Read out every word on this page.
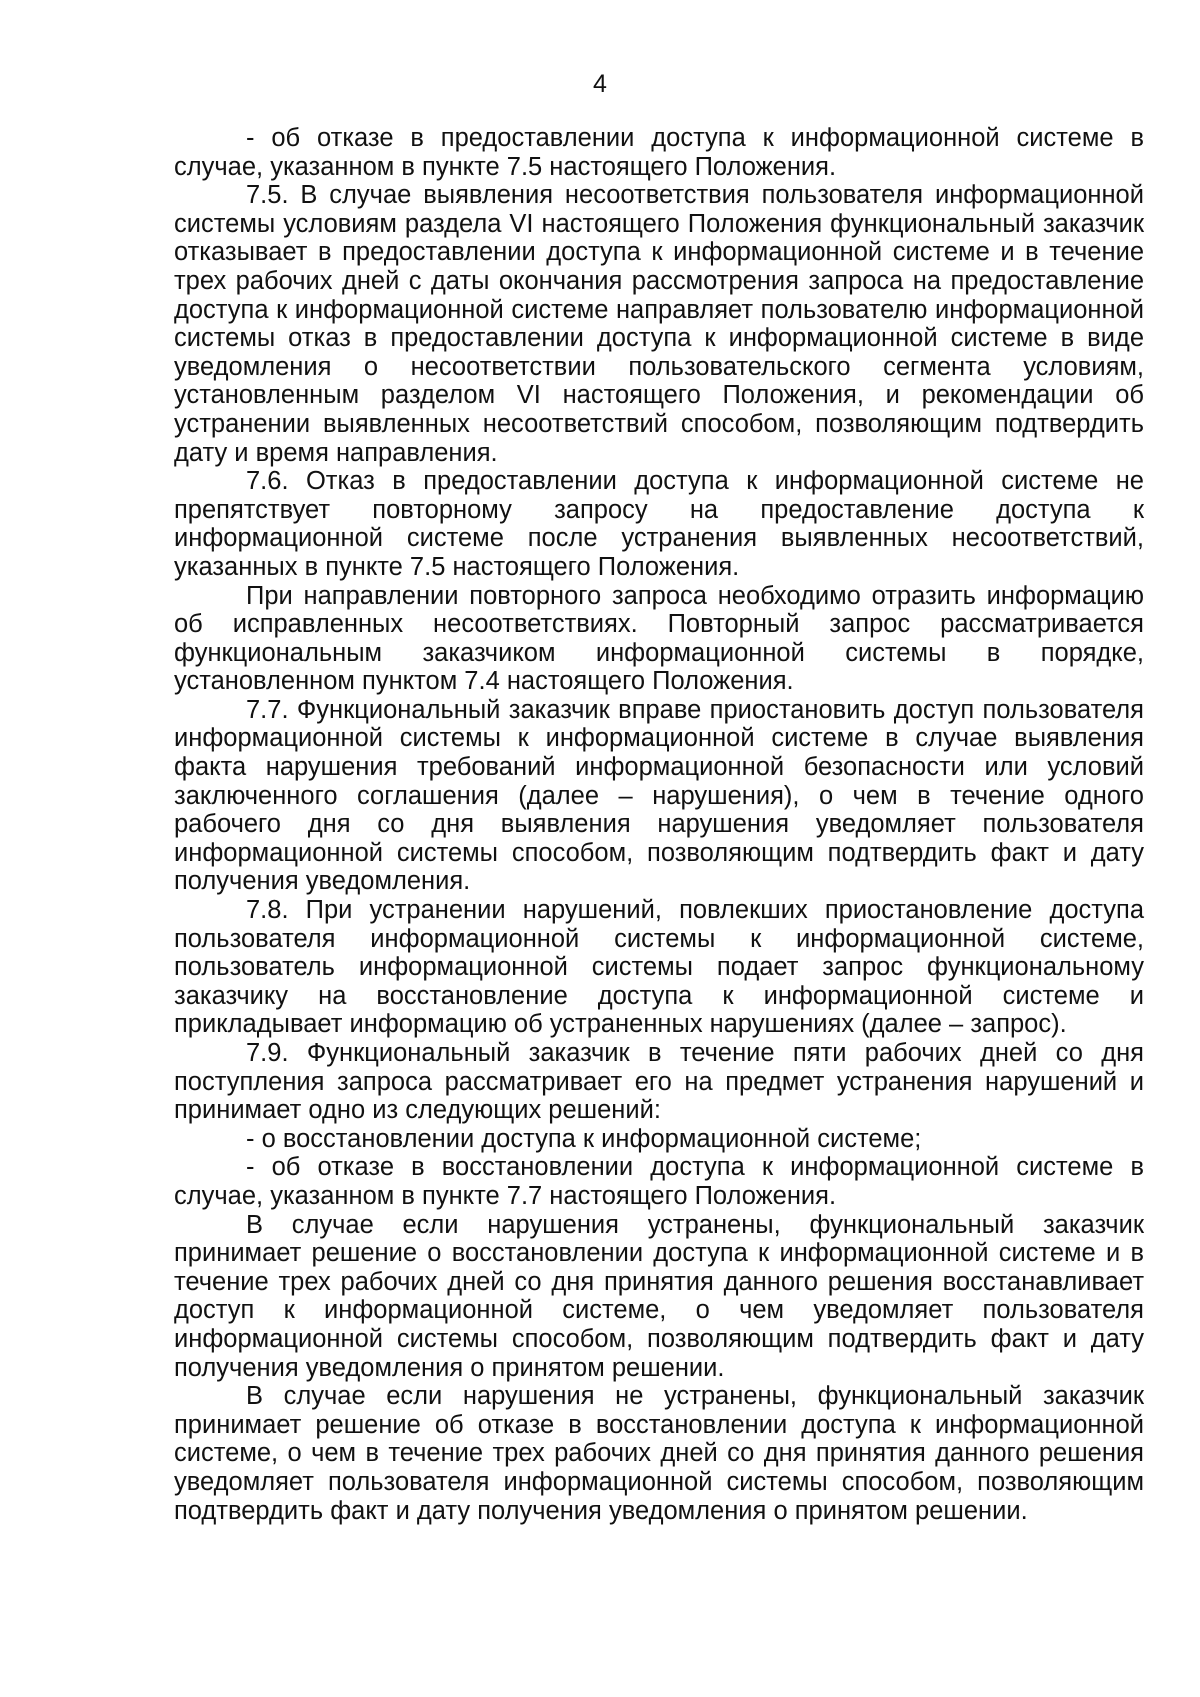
4

- об отказе в предоставлении доступа к информационной системе в случае, указанном в пункте 7.5 настоящего Положения.

7.5. В случае выявления несоответствия пользователя информационной системы условиям раздела VI настоящего Положения функциональный заказчик отказывает в предоставлении доступа к информационной системе и в течение трех рабочих дней с даты окончания рассмотрения запроса на предоставление доступа к информационной системе направляет пользователю информационной системы отказ в предоставлении доступа к информационной системе в виде уведомления о несоответствии пользовательского сегмента условиям, установленным разделом VI настоящего Положения, и рекомендации об устранении выявленных несоответствий способом, позволяющим подтвердить дату и время направления.

7.6. Отказ в предоставлении доступа к информационной системе не препятствует повторному запросу на предоставление доступа к информационной системе после устранения выявленных несоответствий, указанных в пункте 7.5 настоящего Положения.

При направлении повторного запроса необходимо отразить информацию об исправленных несоответствиях. Повторный запрос рассматривается функциональным заказчиком информационной системы в порядке, установленном пунктом 7.4 настоящего Положения.

7.7. Функциональный заказчик вправе приостановить доступ пользователя информационной системы к информационной системе в случае выявления факта нарушения требований информационной безопасности или условий заключенного соглашения (далее – нарушения), о чем в течение одного рабочего дня со дня выявления нарушения уведомляет пользователя информационной системы способом, позволяющим подтвердить факт и дату получения уведомления.

7.8. При устранении нарушений, повлекших приостановление доступа пользователя информационной системы к информационной системе, пользователь информационной системы подает запрос функциональному заказчику на восстановление доступа к информационной системе и прикладывает информацию об устраненных нарушениях (далее – запрос).

7.9. Функциональный заказчик в течение пяти рабочих дней со дня поступления запроса рассматривает его на предмет устранения нарушений и принимает одно из следующих решений:

- о восстановлении доступа к информационной системе;

- об отказе в восстановлении доступа к информационной системе в случае, указанном в пункте 7.7 настоящего Положения.

В случае если нарушения устранены, функциональный заказчик принимает решение о восстановлении доступа к информационной системе и в течение трех рабочих дней со дня принятия данного решения восстанавливает доступ к информационной системе, о чем уведомляет пользователя информационной системы способом, позволяющим подтвердить факт и дату получения уведомления о принятом решении.

В случае если нарушения не устранены, функциональный заказчик принимает решение об отказе в восстановлении доступа к информационной системе, о чем в течение трех рабочих дней со дня принятия данного решения уведомляет пользователя информационной системы способом, позволяющим подтвердить факт и дату получения уведомления о принятом решении.
